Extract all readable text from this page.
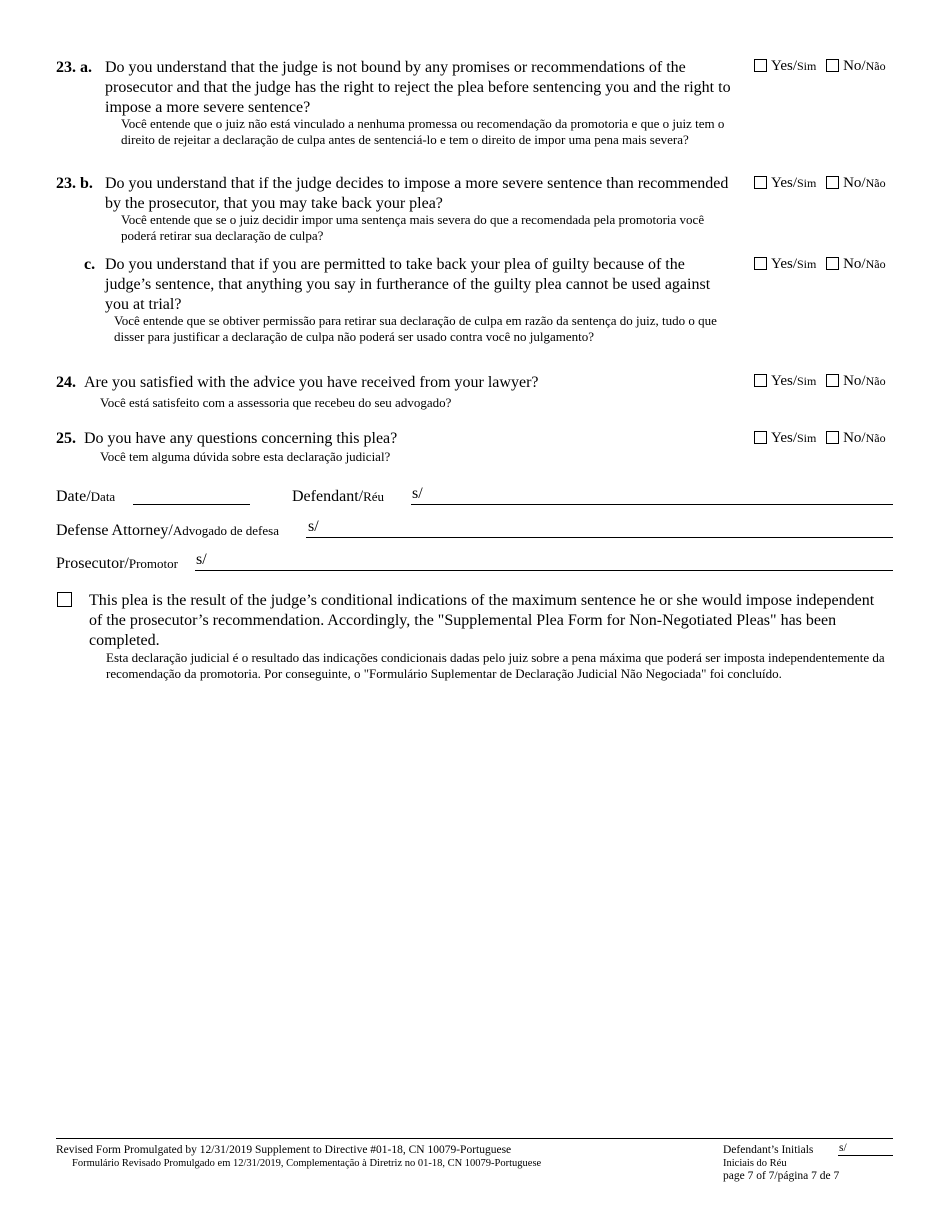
23. a. Do you understand that the judge is not bound by any promises or recommendations of the prosecutor and that the judge has the right to reject the plea before sentencing you and the right to impose a more severe sentence?
Você entende que o juiz não está vinculado a nenhuma promessa ou recomendação da promotoria e que o juiz tem o direito de rejeitar a declaração de culpa antes de sentenciá-lo e tem o direito de impor uma pena mais severa?
Yes/Sim No/Não
23. b. Do you understand that if the judge decides to impose a more severe sentence than recommended by the prosecutor, that you may take back your plea?
Você entende que se o juiz decidir impor uma sentença mais severa do que a recomendada pela promotoria você poderá retirar sua declaração de culpa?
Yes/Sim No/Não
c. Do you understand that if you are permitted to take back your plea of guilty because of the judge’s sentence, that anything you say in furtherance of the guilty plea cannot be used against you at trial?
Você entende que se obtiver permissão para retirar sua declaração de culpa em razão da sentença do juiz, tudo o que disser para justificar a declaração de culpa não poderá ser usado contra você no julgamento?
Yes/Sim No/Não
24. Are you satisfied with the advice you have received from your lawyer?
Você está satisfeito com a assessoria que recebeu do seu advogado?
Yes/Sim No/Não
25. Do you have any questions concerning this plea?
Você tem alguma dúvida sobre esta declaração judicial?
Yes/Sim No/Não
Date/Data	Defendant/Réu s/
Defense Attorney/Advogado de defesa s/
Prosecutor/Promotor s/
This plea is the result of the judge’s conditional indications of the maximum sentence he or she would impose independent of the prosecutor’s recommendation. Accordingly, the "Supplemental Plea Form for Non-Negotiated Pleas" has been completed.
Esta declaração judicial é o resultado das indicações condicionais dadas pelo juiz sobre a pena máxima que poderá ser imposta independentemente da recomendação da promotoria. Por conseguinte, o "Formulário Suplementar de Declaração Judicial Não Negociada" foi concluído.
Revised Form Promulgated by 12/31/2019 Supplement to Directive #01-18, CN 10079-Portuguese
Formulário Revisado Promulgado em 12/31/2019, Complementação à Diretriz no 01-18, CN 10079-Portuguese
Defendant’s Initials s/
Iniciais do Réu
page 7 of 7/página 7 de 7
